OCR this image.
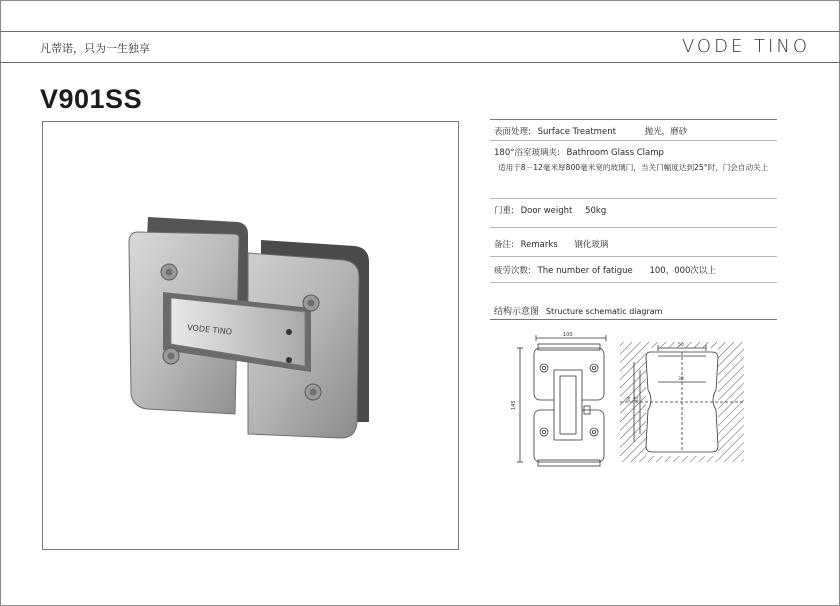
凡蒂诺，只为一生独享	VODE TINO
V901SS
VODE TINO
表面处理: Surface Treatment	抛光，磨砂
180°浴室玻璃夹: Bathroom Glass Clamp
适用于8－12毫米厚800毫米宽的玻璃门，当关门幅度达到25°时，门会自动关上
门重: Door weight 50kg
备注: Remarks 钢化玻璃
疲劳次数: The number of fatigue 100，000次以上
结构示意图 Structure schematic diagram
100
145
50
34 45
30
